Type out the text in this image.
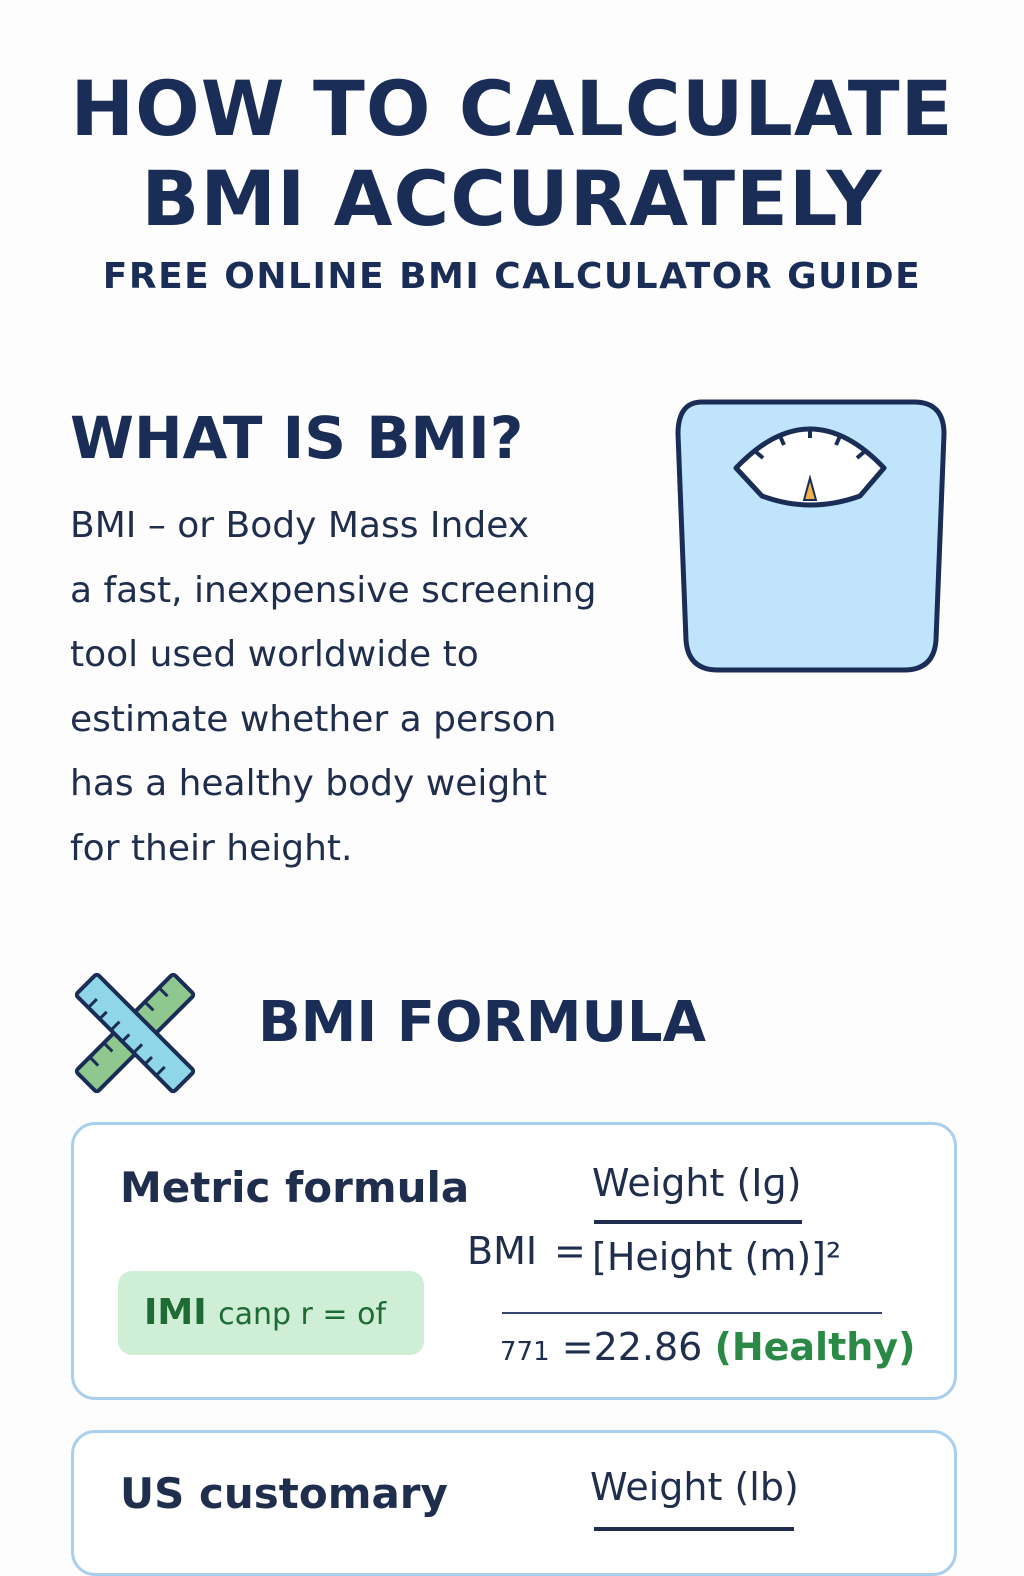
HOW TO CALCULATE
BMI ACCURATELY
FREE ONLINE BMI CALCULATOR GUIDE
WHAT IS BMI?
BMI – or Body Mass Index
a fast, inexpensive screening
tool used worldwide to
estimate whether a person
has a healthy body weight
for their height.
BMI FORMULA
Metric formula
IMI canp r = of
BMI =
Weight (Iɡ)
[Height (m)]²
771 =22.86 (Healthy)
US customary	Weight (lb)
